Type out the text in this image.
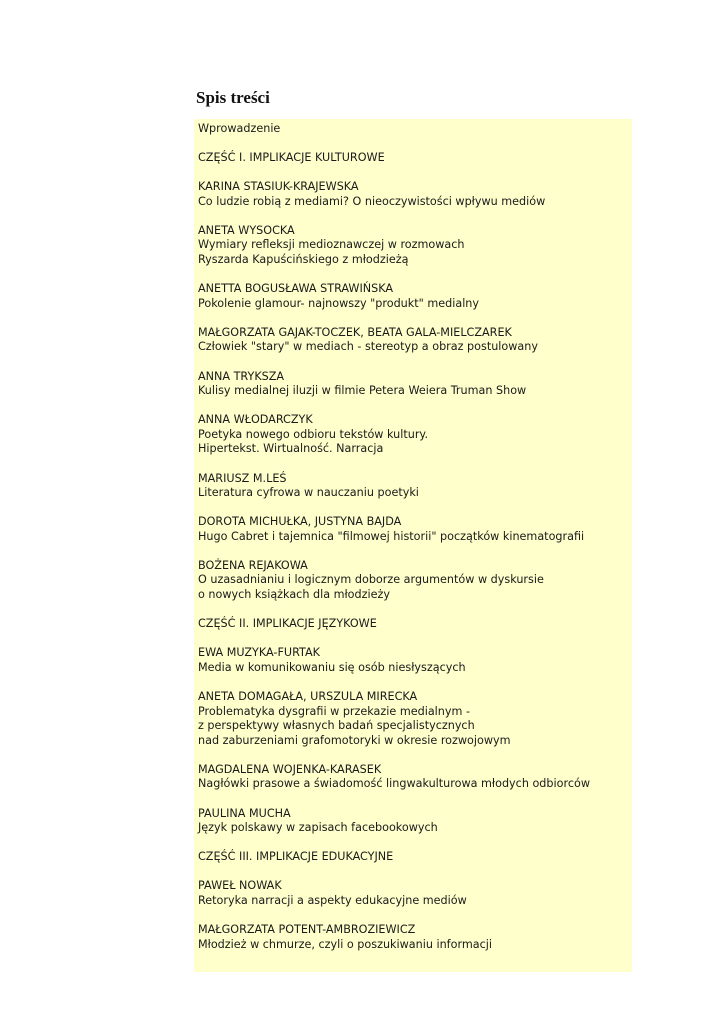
Spis treści
Wprowadzenie
CZĘŚĆ I. IMPLIKACJE KULTUROWE
KARINA STASIUK-KRAJEWSKA
Co ludzie robią z mediami? O nieoczywistości wpływu mediów
ANETA WYSOCKA
Wymiary refleksji medioznawczej w rozmowach
Ryszarda Kapuścińskiego z młodzieżą
ANETTA BOGUSŁAWA STRAWIŃSKA
Pokolenie glamour- najnowszy "produkt" medialny
MAŁGORZATA GAJAK-TOCZEK, BEATA GALA-MIELCZAREK
Człowiek "stary" w mediach - stereotyp a obraz postulowany
ANNA TRYKSZA
Kulisy medialnej iluzji w filmie Petera Weiera Truman Show
ANNA WŁODARCZYK
Poetyka nowego odbioru tekstów kultury.
Hipertekst. Wirtualność. Narracja
MARIUSZ M.LEŚ
Literatura cyfrowa w nauczaniu poetyki
DOROTA MICHUŁKA, JUSTYNA BAJDA
Hugo Cabret i tajemnica "filmowej historii" początków kinematografii
BOŻENA REJAKOWA
O uzasadnianiu i logicznym doborze argumentów w dyskursie
o nowych książkach dla młodzieży
CZĘŚĆ II. IMPLIKACJE JĘZYKOWE
EWA MUZYKA-FURTAK
Media w komunikowaniu się osób niesłyszących
ANETA DOMAGAŁA, URSZULA MIRECKA
Problematyka dysgrafii w przekazie medialnym -
z perspektywy własnych badań specjalistycznych
nad zaburzeniami grafomotoryki w okresie rozwojowym
MAGDALENA WOJENKA-KARASEK
Nagłówki prasowe a świadomość lingwakulturowa młodych odbiorców
PAULINA MUCHA
Język polskawy w zapisach facebookowych
CZĘŚĆ III. IMPLIKACJE EDUKACYJNE
PAWEŁ NOWAK
Retoryka narracji a aspekty edukacyjne mediów
MAŁGORZATA POTENT-AMBROZIEWICZ
Młodzież w chmurze, czyli o poszukiwaniu informacji
